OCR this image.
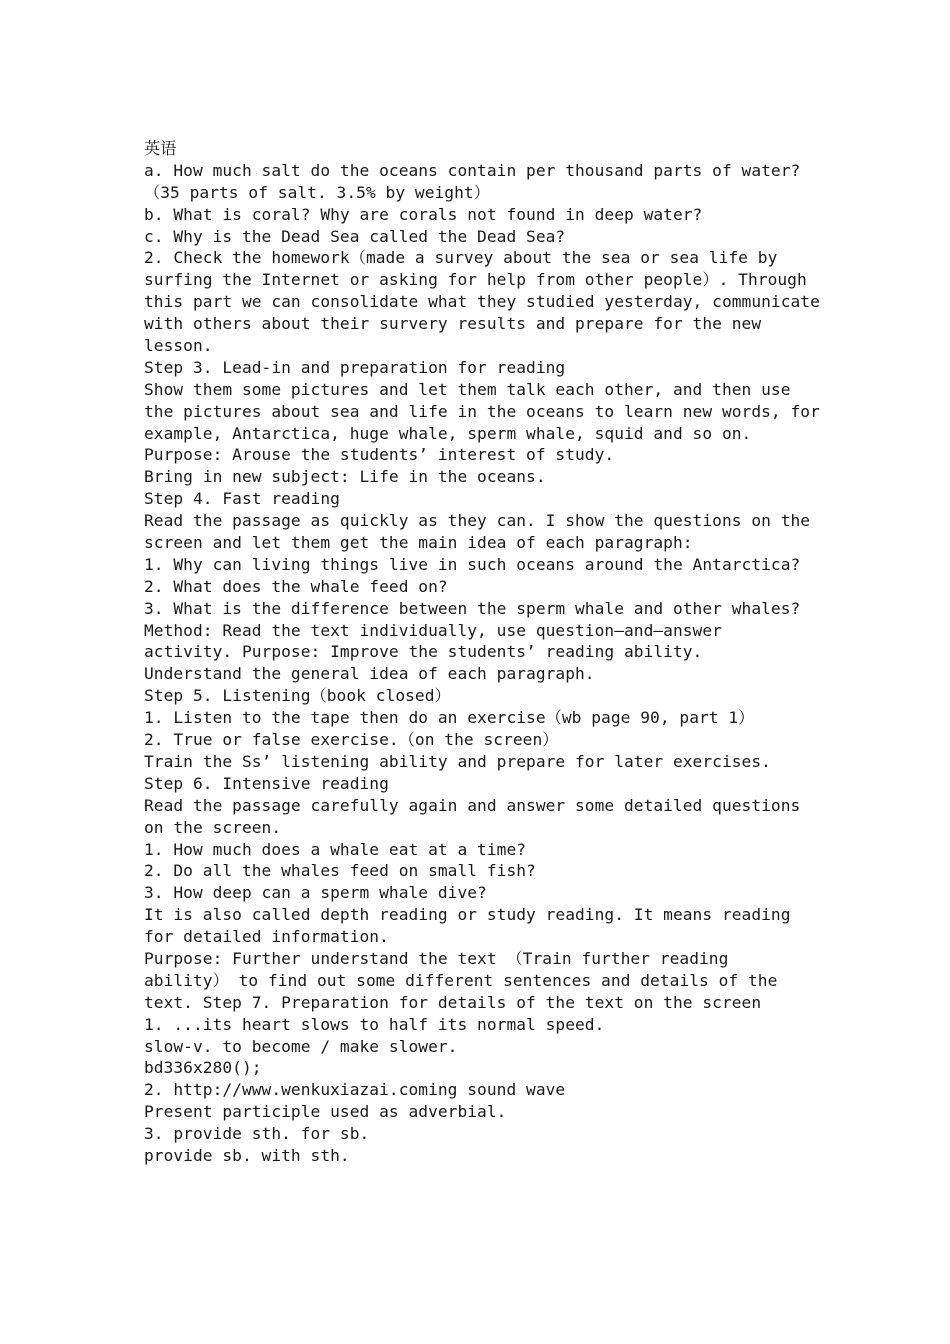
英语
a. How much salt do the oceans contain per thousand parts of water?
（35 parts of salt. 3.5% by weight）
b. What is coral? Why are corals not found in deep water?
c. Why is the Dead Sea called the Dead Sea?
2. Check the homework（made a survey about the sea or sea life by
surfing the Internet or asking for help from other people）. Through
this part we can consolidate what they studied yesterday, communicate
with others about their survery results and prepare for the new
lesson.
Step 3. Lead-in and preparation for reading
Show them some pictures and let them talk each other, and then use
the pictures about sea and life in the oceans to learn new words, for
example, Antarctica, huge whale, sperm whale, squid and so on.
Purpose: Arouse the students’ interest of study.
Bring in new subject: Life in the oceans.
Step 4. Fast reading
Read the passage as quickly as they can. I show the questions on the
screen and let them get the main idea of each paragraph:
1. Why can living things live in such oceans around the Antarctica?
2. What does the whale feed on?
3. What is the difference between the sperm whale and other whales?
Method: Read the text individually, use question—and—answer
activity. Purpose: Improve the students’ reading ability.
Understand the general idea of each paragraph.
Step 5. Listening（book closed）
1. Listen to the tape then do an exercise（wb page 90, part 1）
2. True or false exercise.（on the screen）
Train the Ss’ listening ability and prepare for later exercises.
Step 6. Intensive reading
Read the passage carefully again and answer some detailed questions
on the screen.
1. How much does a whale eat at a time?
2. Do all the whales feed on small fish?
3. How deep can a sperm whale dive?
It is also called depth reading or study reading. It means reading
for detailed information.
Purpose: Further understand the text （Train further reading
ability） to find out some different sentences and details of the
text. Step 7. Preparation for details of the text on the screen
1. ...its heart slows to half its normal speed.
slow-v. to become / make slower.
bd336x280();
2. http://www.wenkuxiazai.coming sound wave
Present participle used as adverbial.
3. provide sth. for sb.
provide sb. with sth.
